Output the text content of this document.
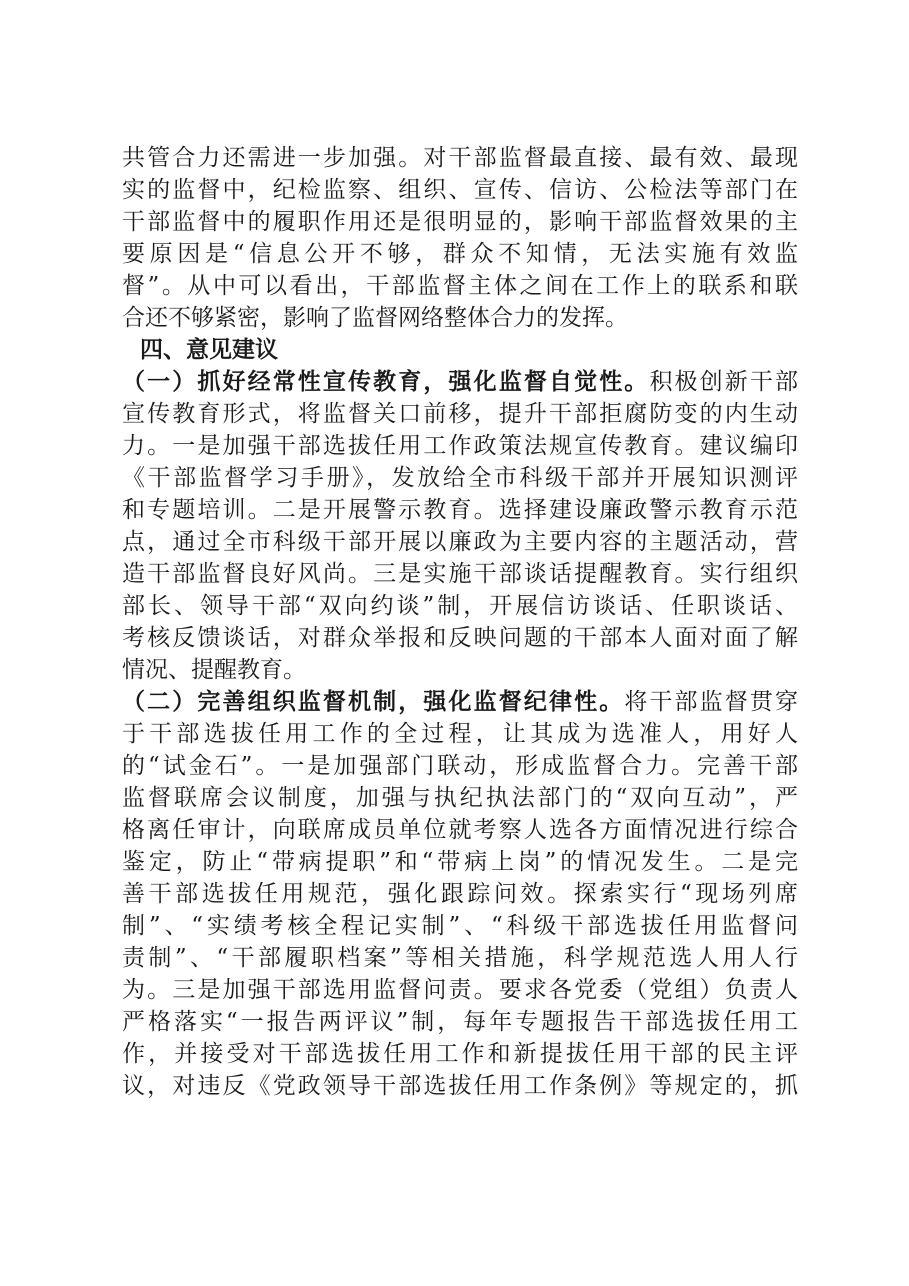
共管合力还需进一步加强。对干部监督最直接、最有效、最现
实的监督中，纪检监察、组织、宣传、信访、公检法等部门在
干部监督中的履职作用还是很明显的，影响干部监督效果的主
要原因是“信息公开不够，群众不知情，无法实施有效监
督”。从中可以看出，干部监督主体之间在工作上的联系和联
合还不够紧密，影响了监督网络整体合力的发挥。
四、意见建议
（一）抓好经常性宣传教育，强化监督自觉性。积极创新干部
宣传教育形式，将监督关口前移，提升干部拒腐防变的内生动
力。一是加强干部选拔任用工作政策法规宣传教育。建议编印
《干部监督学习手册》，发放给全市科级干部并开展知识测评
和专题培训。二是开展警示教育。选择建设廉政警示教育示范
点，通过全市科级干部开展以廉政为主要内容的主题活动，营
造干部监督良好风尚。三是实施干部谈话提醒教育。实行组织
部长、领导干部“双向约谈”制，开展信访谈话、任职谈话、
考核反馈谈话，对群众举报和反映问题的干部本人面对面了解
情况、提醒教育。
（二）完善组织监督机制，强化监督纪律性。将干部监督贯穿
于干部选拔任用工作的全过程，让其成为选准人，用好人
的“试金石”。一是加强部门联动，形成监督合力。完善干部
监督联席会议制度，加强与执纪执法部门的“双向互动”，严
格离任审计，向联席成员单位就考察人选各方面情况进行综合
鉴定，防止“带病提职”和“带病上岗”的情况发生。二是完
善干部选拔任用规范，强化跟踪问效。探索实行“现场列席
制”、“实绩考核全程记实制”、“科级干部选拔任用监督问
责制”、“干部履职档案”等相关措施，科学规范选人用人行
为。三是加强干部选用监督问责。要求各党委（党组）负责人
严格落实“一报告两评议”制，每年专题报告干部选拔任用工
作，并接受对干部选拔任用工作和新提拔任用干部的民主评
议，对违反《党政领导干部选拔任用工作条例》等规定的，抓
